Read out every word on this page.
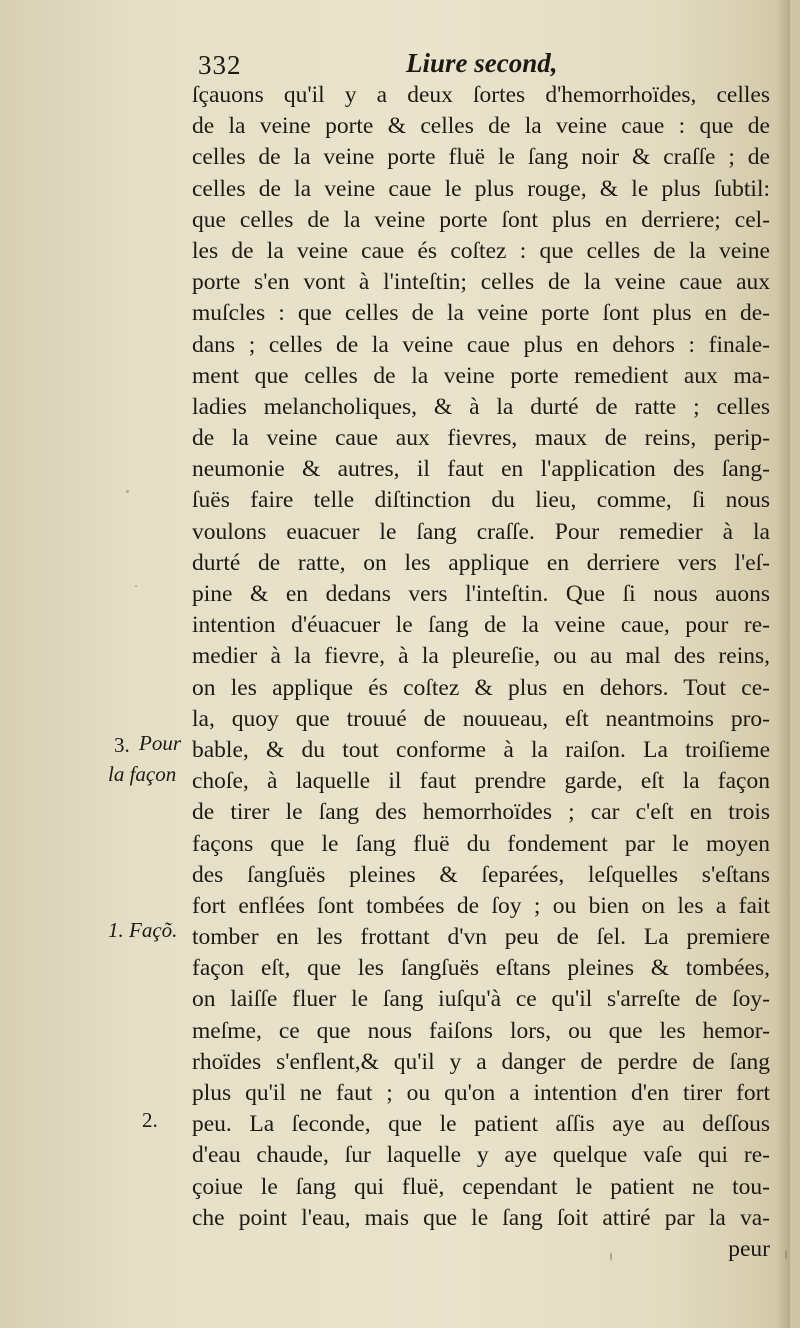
332	Liure second,
ſçauons qu'il y a deux ſortes d'hemorrhoïdes, celles
de la veine porte & celles de la veine caue : que de
celles de la veine porte fluë le ſang noir & craſſe ; de
celles de la veine caue le plus rouge, & le plus ſubtil:
que celles de la veine porte ſont plus en derriere; cel-
les de la veine caue és coſtez : que celles de la veine
porte s'en vont à l'inteſtin; celles de la veine caue aux
muſcles : que celles de la veine porte ſont plus en de-
dans ; celles de la veine caue plus en dehors : finale-
ment que celles de la veine porte remedient aux ma-
ladies melancholiques, & à la durté de ratte ; celles
de la veine caue aux fievres, maux de reins, perip-
neumonie & autres, il faut en l'application des ſang-
ſuës faire telle diſtinction du lieu, comme, ſi nous
voulons euacuer le ſang craſſe. Pour remedier à la
durté de ratte, on les applique en derriere vers l'eſ-
pine & en dedans vers l'inteſtin. Que ſi nous auons
intention d'éuacuer le ſang de la veine caue, pour re-
medier à la fievre, à la pleureſie, ou au mal des reins,
on les applique és coſtez & plus en dehors. Tout ce-
la, quoy que trouué de nouueau, eſt neantmoins pro-
bable, & du tout conforme à la raiſon. La troiſieme
choſe, à laquelle il faut prendre garde, eſt la façon
de tirer le ſang des hemorrhoïdes ; car c'eſt en trois
façons que le ſang fluë du fondement par le moyen
des ſangſuës pleines & ſeparées, leſquelles s'eſtans
fort enflées ſont tombées de ſoy ; ou bien on les a fait
tomber en les frottant d'vn peu de ſel. La premiere
façon eſt, que les ſangſuës eſtans pleines & tombées,
on laiſſe fluer le ſang iuſqu'à ce qu'il s'arreſte de ſoy-
meſme, ce que nous faiſons lors, ou que les hemor-
rhoïdes s'enflent,& qu'il y a danger de perdre de ſang
plus qu'il ne faut ; ou qu'on a intention d'en tirer fort
peu. La ſeconde, que le patient aſſis aye au deſſous
d'eau chaude, ſur laquelle y aye quelque vaſe qui re-
çoiue le ſang qui fluë, cependant le patient ne tou-
che point l'eau, mais que le ſang ſoit attiré par la va-
peur
3. Pour
la façon
1. Façõ.
2.
